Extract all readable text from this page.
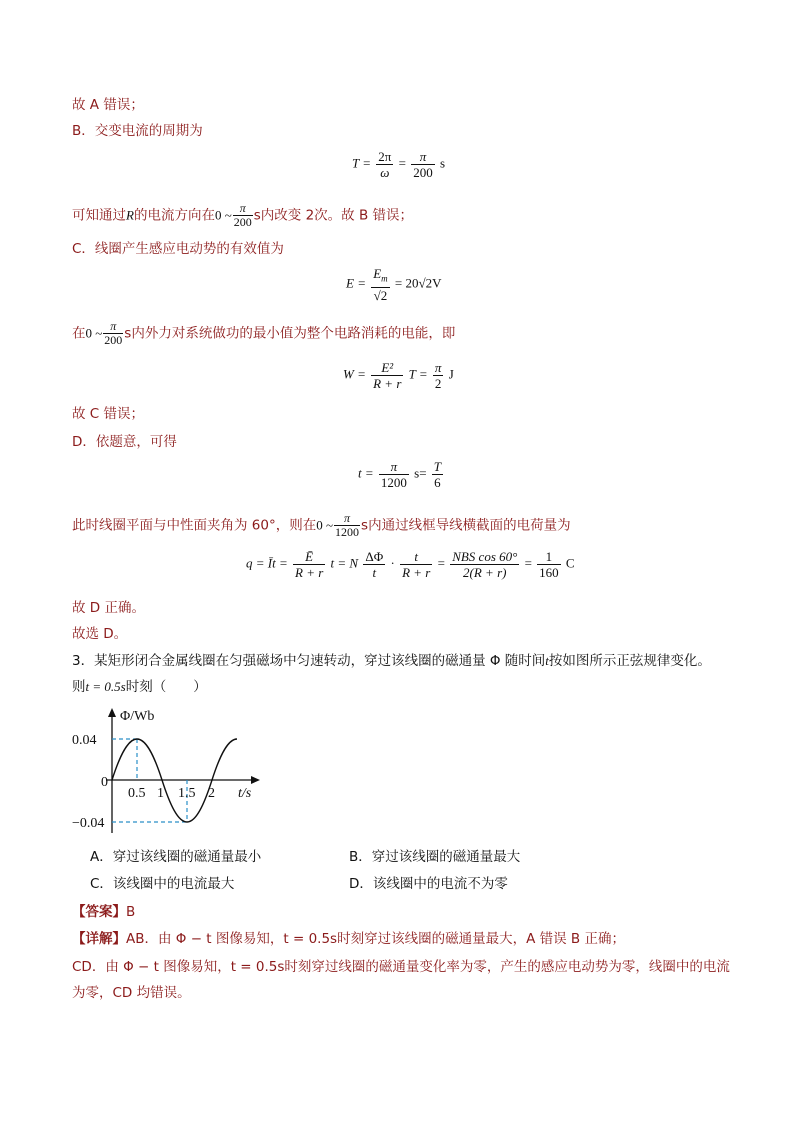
故 A 错误；
B．交变电流的周期为
$T = \frac{2\pi}{\omega} = \frac{\pi}{200}$ s
可知通过R的电流方向在0 ~ $\frac{\pi}{200}$ s内改变 2次。故 B 错误；
C．线圈产生感应电动势的有效值为
$E = \frac{E_m}{√2} = 20√2V$
在0 ~ $\frac{\pi}{200}$ s内外力对系统做功的最小值为整个电路消耗的电能，即
$W = \frac{\text{E²}}{R + r}$ $T = \frac{\pi}{2}$ J
故 C 错误；
D．依题意，可得
$t = \frac{\pi}{1200} s= \frac{T}{6}$
此时线圈平面与中性面夹角为 60°，则在0 ~ $\frac{\pi}{1200}$ s内通过线框导线横截面的电荷量为
q = Īt = $\frac{Ē}{R + r}$ t = N $\frac{\Delta\Phi}{t} \cdot \frac{t}{R + r} = \frac{\text{NBS cos 60°}}{2(R + r)} = \frac{1}{160}$ C
故 D 正确。
故选 D。
3．某矩形闭合金属线圈在匀强磁场中匀速转动，穿过该线圈的磁通量 Φ 随时间t按如图所示正弦规律变化。
则t = 0.5s时刻（　　）
Φ/Wb
0.04
0
−0.04
0.5 1 1.5 2 t/s
A．穿过该线圈的磁通量最小	B．穿过该线圈的磁通量最大
C．该线圈中的电流最大	D．该线圈中的电流不为零
【答案】B
【详解】AB．由 Φ − t 图像易知，t = 0.5s时刻穿过该线圈的磁通量最大，A 错误 B 正确；
CD．由 Φ − t 图像易知，t = 0.5s时刻穿过线圈的磁通量变化率为零，产生的感应电动势为零，线圈中的电流
为零，CD 均错误。
